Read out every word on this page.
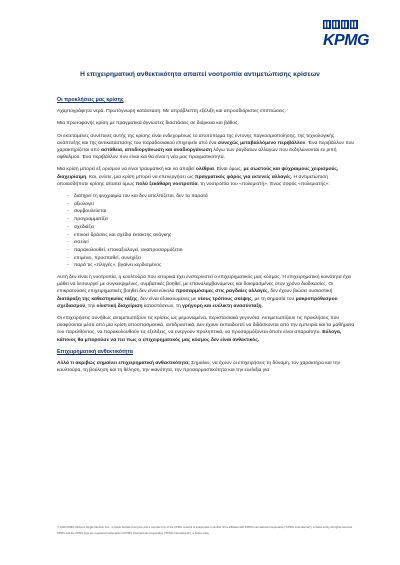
KPMG
Η επιχειρηματική ανθεκτικότητα απαιτεί νοοτροπία αντιμετώπισης κρίσεων
Οι προκλήσεις μας κρίσης

Αχαρτογράφητα νερά. Πρωτόγνωρη κατάσταση. Με απρόβλεπτη εξέλιξη και απροσδιόριστες επιπτώσεις.

Μια πρωτοφανής κρίση με πραγματικά άγνωστες διαστάσεις σε διάρκεια και βάθος.

Οι εκτεταμένες συνέπειες αυτής της κρίσης είναι ενδεχομένως το αποτύπωμα της έντονης παγκοσμιοποίησης, της τεχνολογικής ανάπτυξης και της αντικατάστασης του παραδοσιακού επιχειρείν από ένα συνεχώς μεταβαλλόμενο περιβάλλον. Ένα περιβάλλον που χαρακτηρίζεται από αστάθεια, αποδιοργάνωση και αναδιοργάνωση λόγω των ραγδαίων αλλαγών που εκδηλώνονται εν ριπή οφθαλμού. Ένα περιβάλλον που είναι και θα είναι η νέα μας πραγματικότητα.

Μια κρίση μπορεί εξ ορισμού να είναι τραυματική και να αποβεί ολέθρια. Είναι όμως, με σωστούς και ψύχραιμους χειρισμούς, διαχειρίσιμη. Και, ενίοτε, μια κρίση μπορεί να επενεργήσει ως πραγματικός φάρος για εκτενείς αλλαγές. Η αντιμετώπιση οποιασδήποτε κρίσης απαιτεί όμως πολύ ξεκάθαρη νοοτροπία, τη νοοτροπία του «πολεμιστή». Ένας σοφός «πολεμιστής»:

- διατηρεί τη ψυχραιμία του και δεν απελπίζεται, δεν τα παρατά
- αξιολογεί
- συμβουλεύεται
- προγραμματίζει
- σχεδιάζει
- επινοεί δράσεις και σχέδια έκτακτης ανάγκης
- εκτελεί
- παρακολουθεί, επαναξιολογεί, αναπροσαρμόζεται
- επιμένει, προσπαθεί, συνεχίζει
- παρά τις «πληγές», βγαίνει κερδισμένος

Αυτή δεν είναι η νοοτροπία, η κουλτούρα που ιστορικά έχει ενστερνιστεί ο επιχειρηματικός μας κόσμος. Η επιχειρηματική κοινότητα έχει μάθει να λειτουργεί με συγκεκριμένες, συμβατικές βοηθεί, με επαναλαμβανόμενες και δοκιμασμένες στον χρόνο διαδικασίες. Οι επικρατούσες επιχειρηματικές βοηθεί δεν είναι εύκολα προσαρμόσιμες στις ραγδαίες αλλαγές, δεν έχουν βιώσει ουσιαστική διατάραξη της καθεστηκυίας τάξης, δεν είναι εξοικειωμένες με νέους τρόπους σκέψης, με τη σημασία του μακροπρόθεσμου σχεδιασμού, την ολιστική διαχείριση καταστάσεων, τη γρήγορη και ευέλικτη ανασύνταξη.

Οι επιχειρήσεις συνήθως αντιμετωπίζουν τις κρίσεις ως μεμονωμένα, περιστασιακά γεγονότα. Αντιμετωπίζουν τις προκλήσεις που αναφύονται μέσα από μια κρίση αποσπασματικά, αντιδραστικά. Δεν έχουν εκπαιδευτεί να διδάσκονται από την εμπειρία και τα μαθήματα του παρελθόντος, να παρακολουθούν τις εξελίξεις, να ενεργούν προληπτικά, να προσαρμόζονται όποτε είναι απαραίτητο. Εύλογα, κάποιος θα μπορούσε να πει πως ο επιχειρηματικός μας κόσμος δεν είναι ανθεκτικός.

Επιχειρηματική ανθεκτικότητα

Αλλά τι ακριβώς σημαίνει επιχειρηματική ανθεκτικότητα; Σημαίνει, να έχουν οι επιχειρήσεις τη δύναμη, τον χαρακτήρα και την κουλτούρα, τη βούληση και τη θέληση, την ικανότητα, την προσαρμοστικότητα και την ευελιξία για

© 2020 KPMG Advisors Single Member S.A., a Greek Société Anonyme and a member firm of the KPMG network of independent member firms affiliated with KPMG International Cooperative ("KPMG International"), a Swiss entity. All rights reserved.

KPMG and the KPMG logo are registered trademarks of KPMG International Cooperative ("KPMG International"), a Swiss entity.
